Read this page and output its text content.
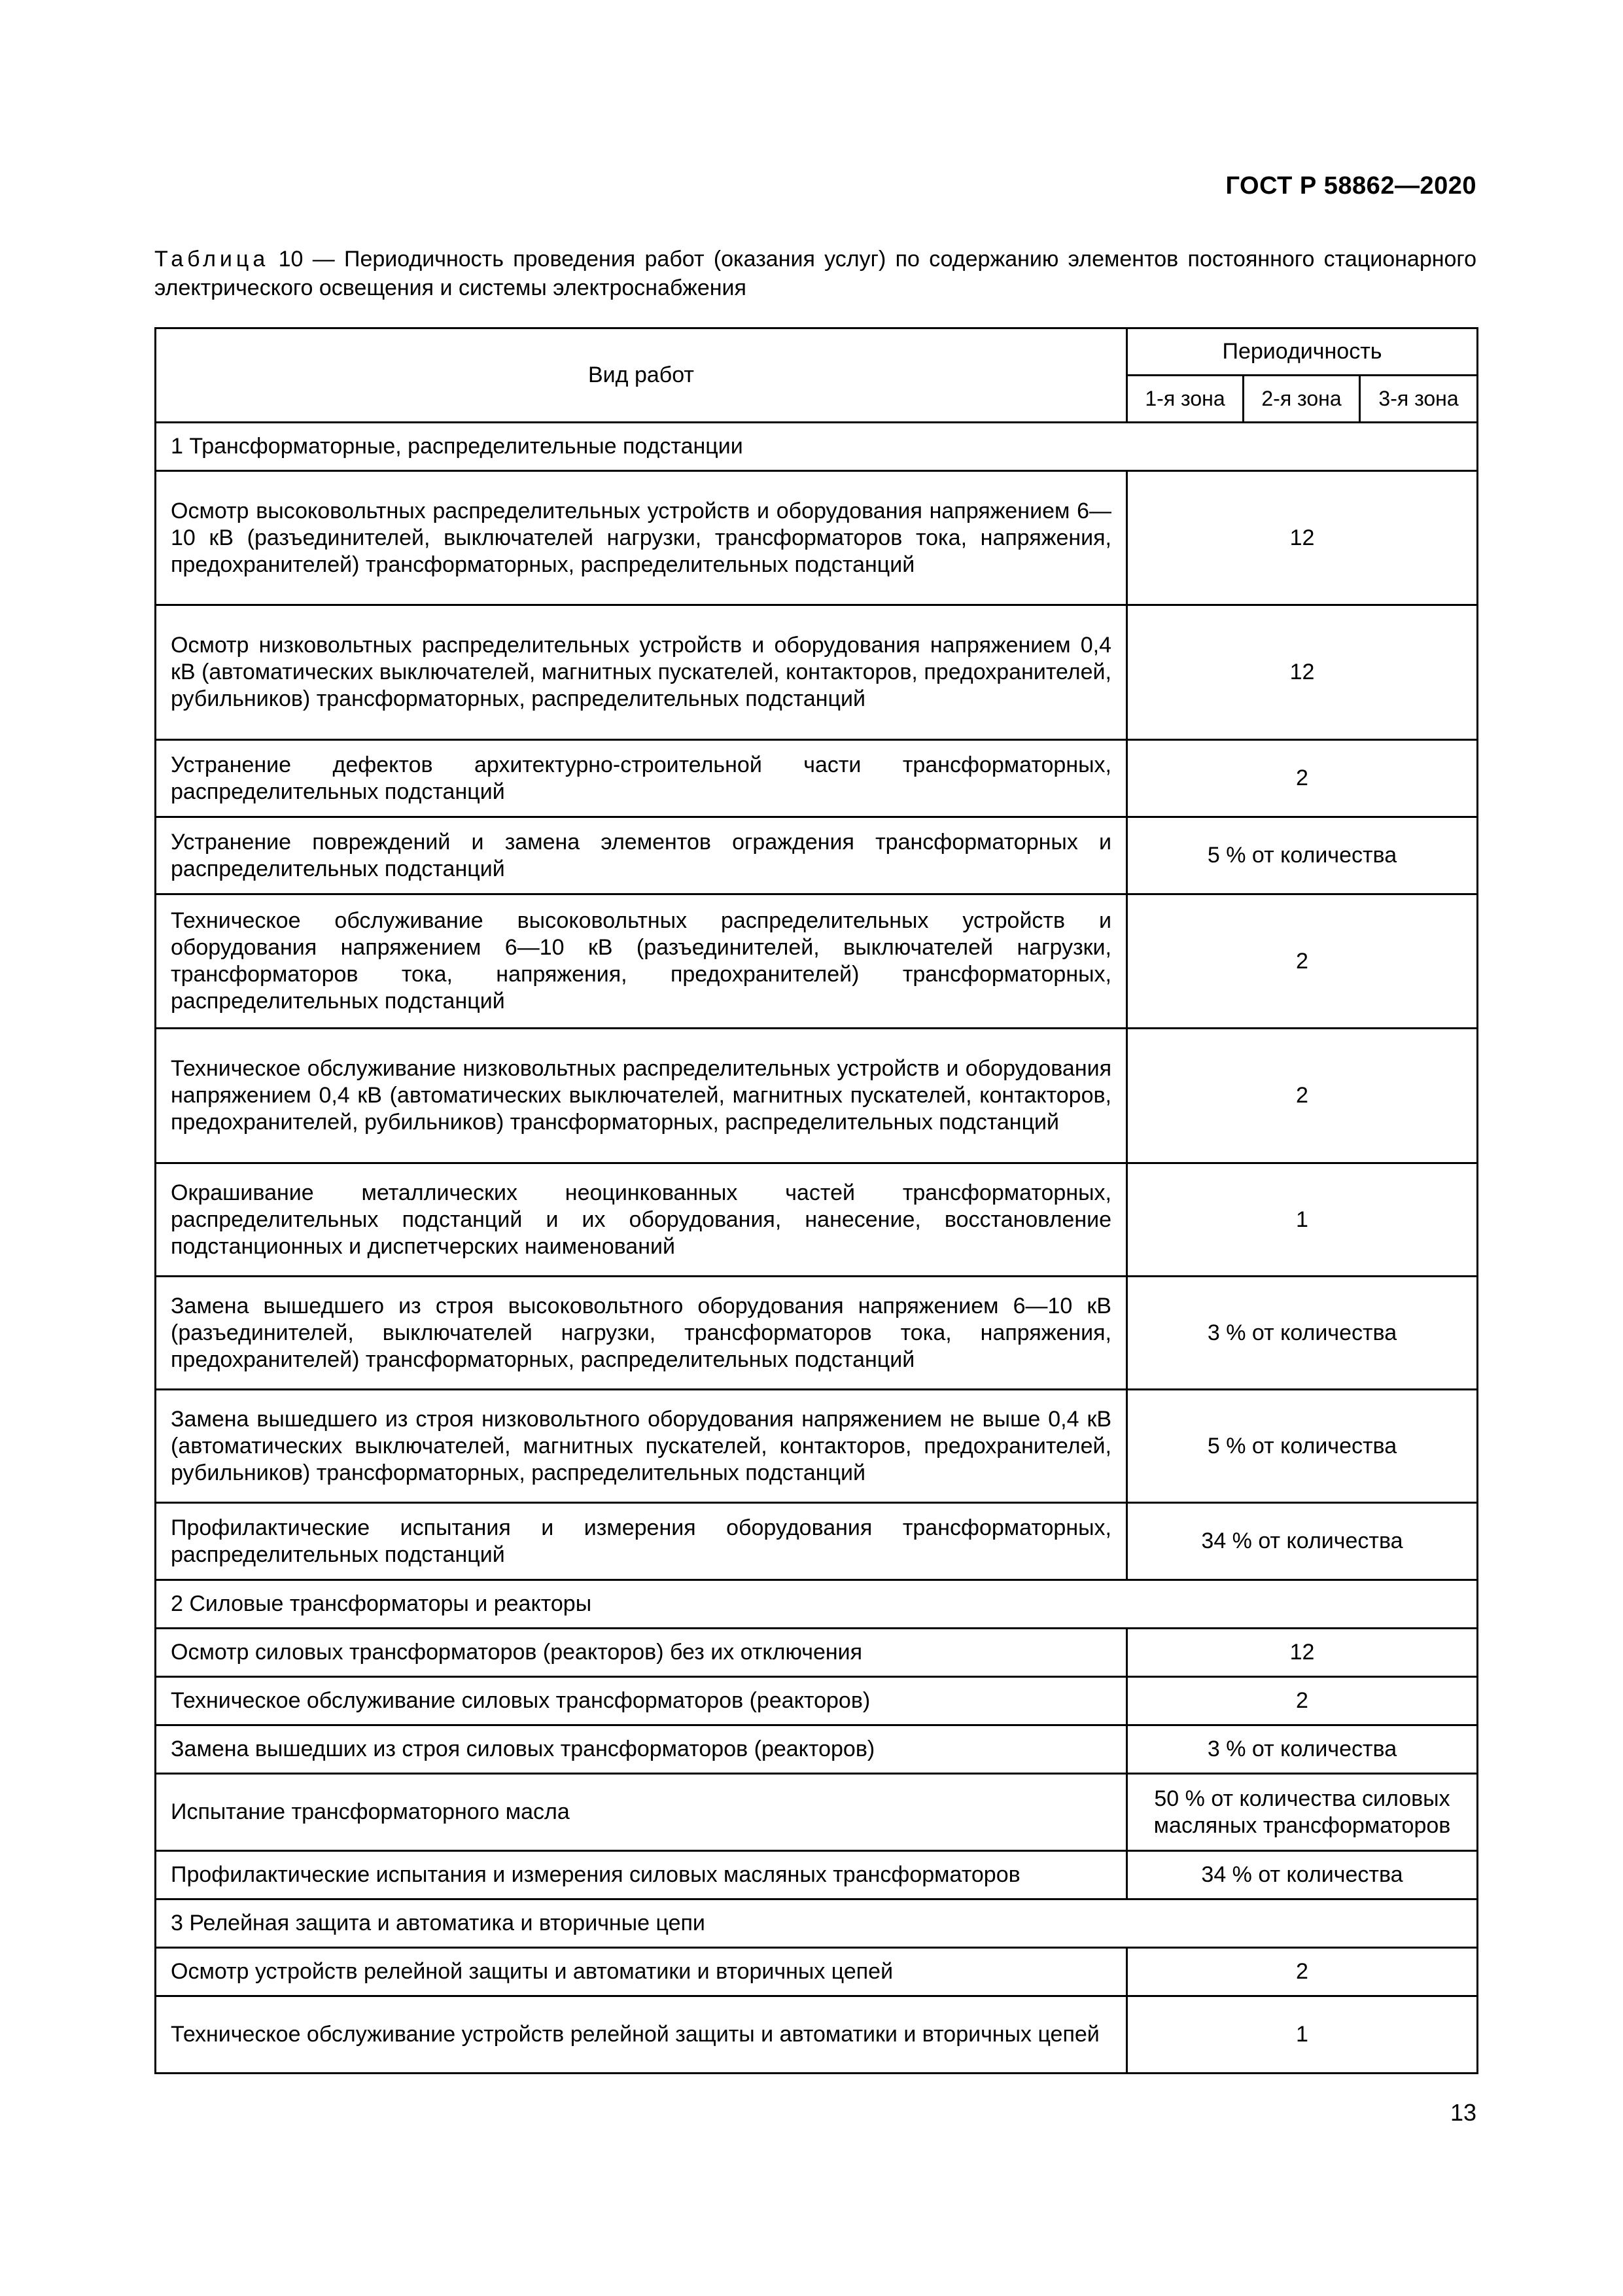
ГОСТ Р 58862—2020
Таблица 10 — Периодичность проведения работ (оказания услуг) по содержанию элементов постоянного стационарного электрического освещения и системы электроснабжения
Вид работ	Периодичность		
	1-я зона	2-я зона	3-я зона
1 Трансформаторные, распределительные подстанции			
Осмотр высоковольтных распределительных устройств и оборудования напряжением 6—10 кВ (разъединителей, выключателей нагрузки, трансформаторов тока, напряжения, предохранителей) трансформаторных, распределительных подстанций	12		
Осмотр низковольтных распределительных устройств и оборудования напряжением 0,4 кВ (автоматических выключателей, магнитных пускателей, контакторов, предохранителей, рубильников) трансформаторных, распределительных подстанций	12		
Устранение дефектов архитектурно-строительной части трансформаторных, распределительных подстанций	2		
Устранение повреждений и замена элементов ограждения трансформаторных и распределительных подстанций	5 % от количества		
Техническое обслуживание высоковольтных распределительных устройств и оборудования напряжением 6—10 кВ (разъединителей, выключателей нагрузки, трансформаторов тока, напряжения, предохранителей) трансформаторных, распределительных подстанций	2		
Техническое обслуживание низковольтных распределительных устройств и оборудования напряжением 0,4 кВ (автоматических выключателей, магнитных пускателей, контакторов, предохранителей, рубильников) трансформаторных, распределительных подстанций	2		
Окрашивание металлических неоцинкованных частей трансформаторных, распределительных подстанций и их оборудования, нанесение, восстановление подстанционных и диспетчерских наименований	1		
Замена вышедшего из строя высоковольтного оборудования напряжением 6—10 кВ (разъединителей, выключателей нагрузки, трансформаторов тока, напряжения, предохранителей) трансформаторных, распределительных подстанций	3 % от количества		
Замена вышедшего из строя низковольтного оборудования напряжением не выше 0,4 кВ (автоматических выключателей, магнитных пускателей, контакторов, предохранителей, рубильников) трансформаторных, распределительных подстанций	5 % от количества		
Профилактические испытания и измерения оборудования трансформаторных, распределительных подстанций	34 % от количества		
2 Силовые трансформаторы и реакторы			
Осмотр силовых трансформаторов (реакторов) без их отключения	12		
Техническое обслуживание силовых трансформаторов (реакторов)	2		
Замена вышедших из строя силовых трансформаторов (реакторов)	3 % от количества		
Испытание трансформаторного масла	50 % от количества силовых масляных трансформаторов		
Профилактические испытания и измерения силовых масляных трансформаторов	34 % от количества		
3 Релейная защита и автоматика и вторичные цепи			
Осмотр устройств релейной защиты и автоматики и вторичных цепей	2		
Техническое обслуживание устройств релейной защиты и автоматики и вторичных цепей	1		
13
